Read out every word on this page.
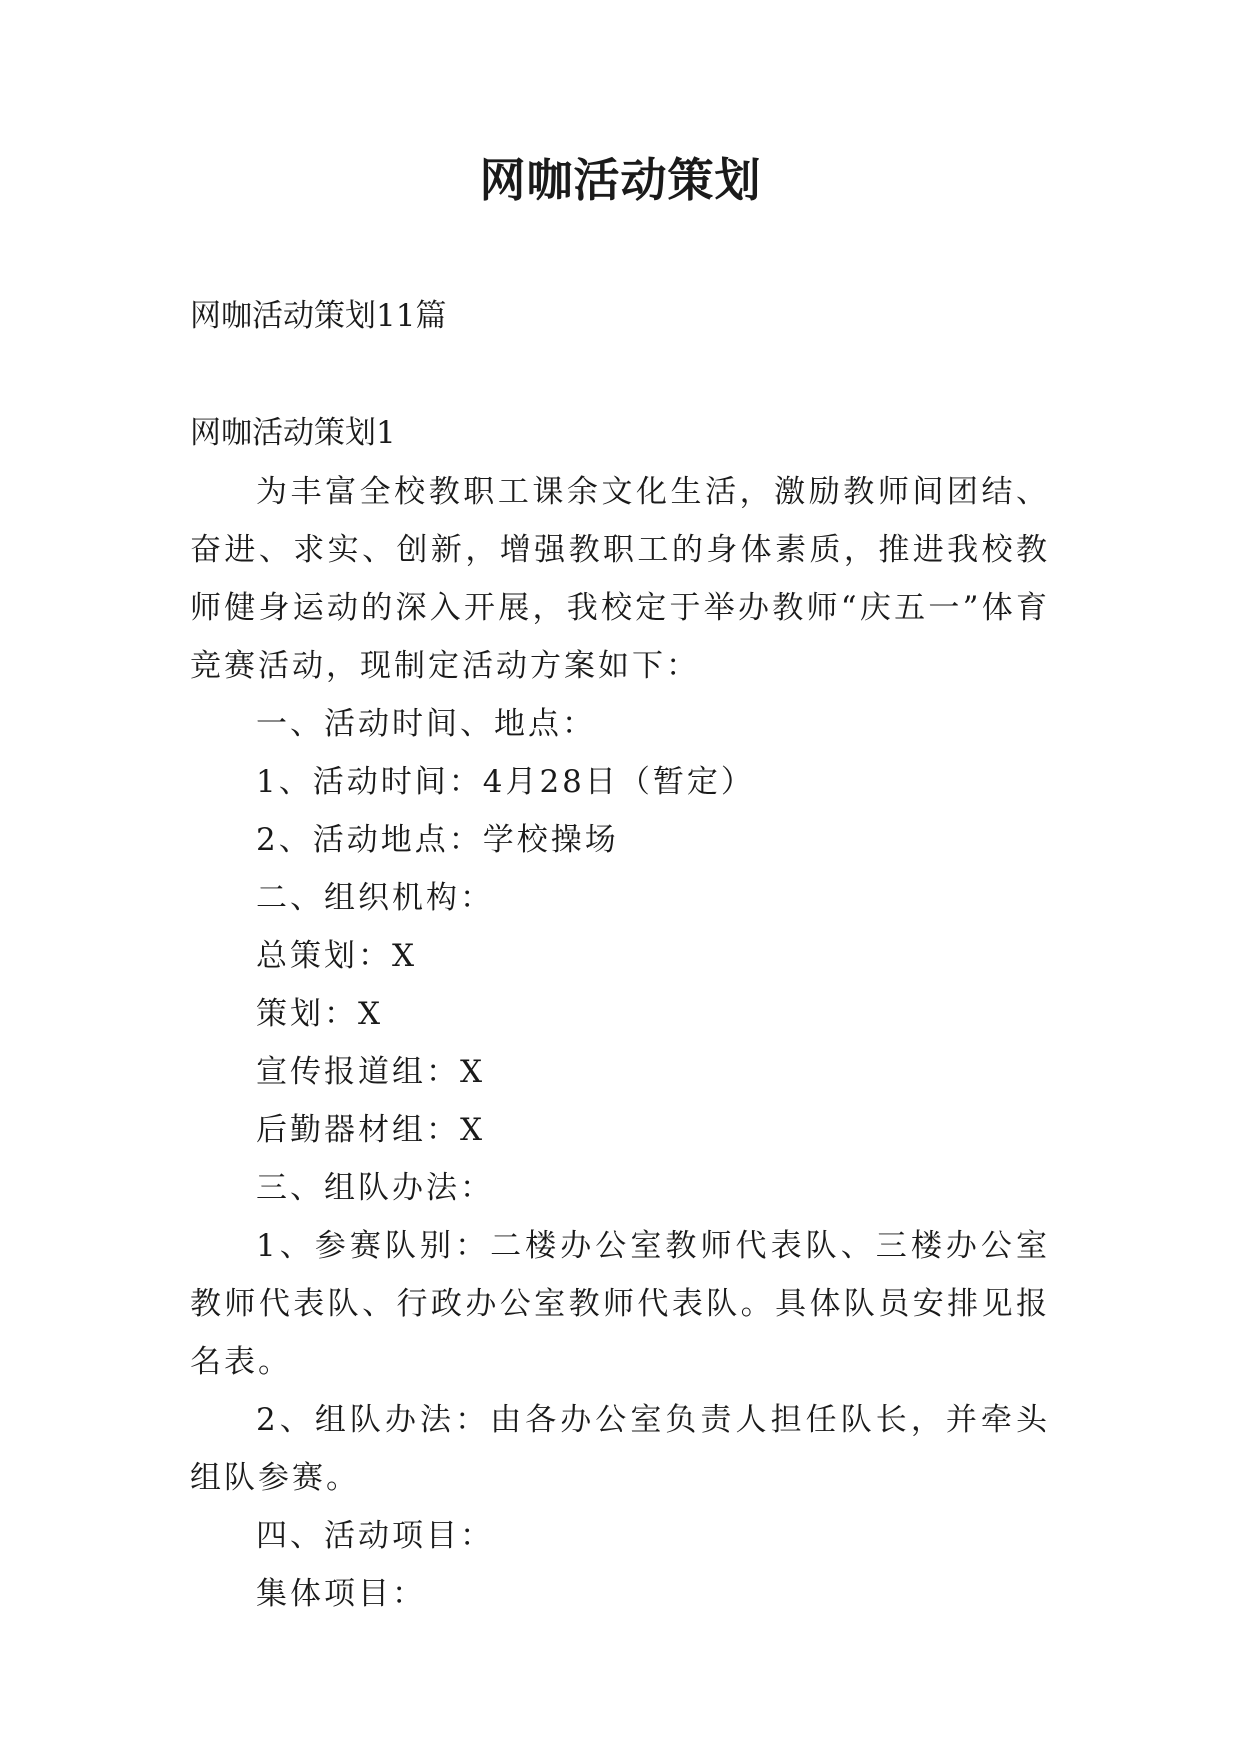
网咖活动策划

网咖活动策划11篇

网咖活动策划1

为丰富全校教职工课余文化生活，激励教师间团结、奋进、求实、创新，增强教职工的身体素质，推进我校教师健身运动的深入开展，我校定于举办教师“庆五一”体育竞赛活动，现制定活动方案如下：

一、活动时间、地点：

1、活动时间：4月28日（暂定）

2、活动地点：学校操场

二、组织机构：

总策划：X

策划：X

宣传报道组：X

后勤器材组：X

三、组队办法：

1、参赛队别：二楼办公室教师代表队、三楼办公室教师代表队、行政办公室教师代表队。具体队员安排见报名表。

2、组队办法：由各办公室负责人担任队长，并牵头组队参赛。

四、活动项目：

集体项目：
